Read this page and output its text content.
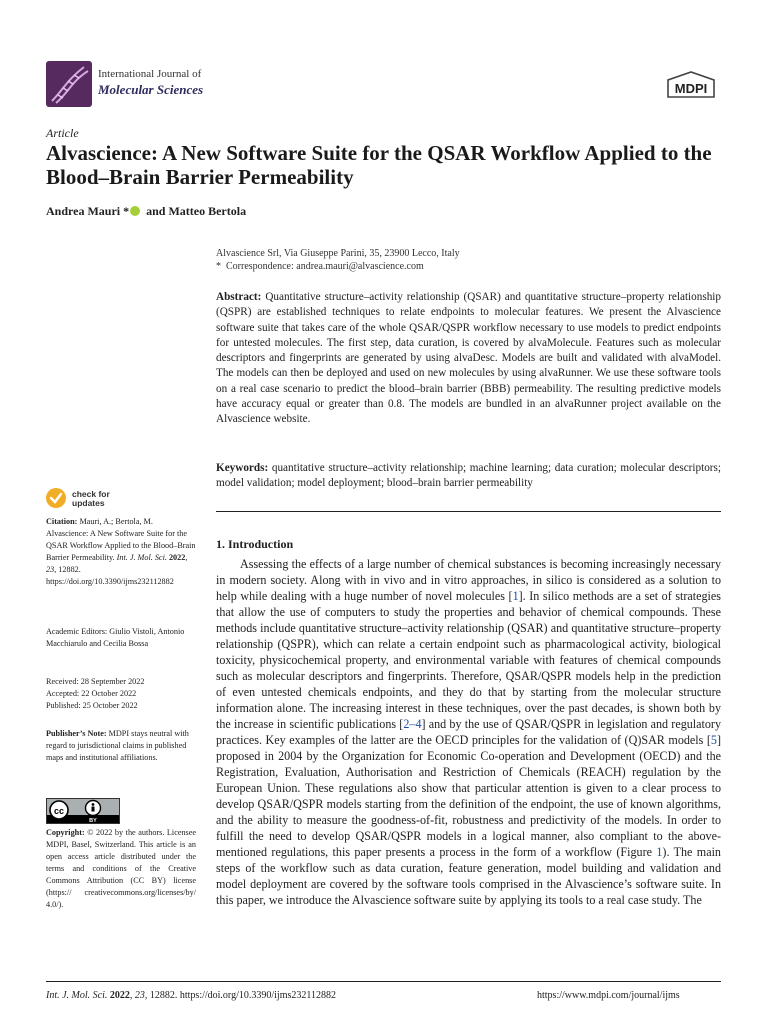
International Journal of
Molecular Sciences	MDPI
Article
Alvascience: A New Software Suite for the QSAR Workflow Applied to the Blood–Brain Barrier Permeability
Andrea Mauri * and Matteo Bertola
Alvascience Srl, Via Giuseppe Parini, 35, 23900 Lecco, Italy
* Correspondence: andrea.mauri@alvascience.com
Abstract: Quantitative structure–activity relationship (QSAR) and quantitative structure–property relationship (QSPR) are established techniques to relate endpoints to molecular features. We present the Alvascience software suite that takes care of the whole QSAR/QSPR workflow necessary to use models to predict endpoints for untested molecules. The first step, data curation, is covered by alvaMolecule. Features such as molecular descriptors and fingerprints are generated by using alvaDesc. Models are built and validated with alvaModel. The models can then be deployed and used on new molecules by using alvaRunner. We use these software tools on a real case scenario to predict the blood–brain barrier (BBB) permeability. The resulting predictive models have accuracy equal or greater than 0.8. The models are bundled in an alvaRunner project available on the Alvascience website.
Keywords: quantitative structure–activity relationship; machine learning; data curation; molecular descriptors; model validation; model deployment; blood–brain barrier permeability
1. Introduction
Assessing the effects of a large number of chemical substances is becoming increasingly necessary in modern society. Along with in vivo and in vitro approaches, in silico is considered as a solution to help while dealing with a huge number of novel molecules [1]. In silico methods are a set of strategies that allow the use of computers to study the properties and behavior of chemical compounds. These methods include quantitative structure–activity relationship (QSAR) and quantitative structure–property relationship (QSPR), which can relate a certain endpoint such as pharmacological activity, biological toxicity, physicochemical property, and environmental variable with features of chemical compounds such as molecular descriptors and fingerprints. Therefore, QSAR/QSPR models help in the prediction of even untested chemicals endpoints, and they do that by starting from the molecular structure information alone. The increasing interest in these techniques, over the past decades, is shown both by the increase in scientific publications [2–4] and by the use of QSAR/QSPR in legislation and regulatory practices. Key examples of the latter are the OECD principles for the validation of (Q)SAR models [5] proposed in 2004 by the Organization for Economic Co-operation and Development (OECD) and the Registration, Evaluation, Authorisation and Restriction of Chemicals (REACH) regulation by the European Union. These regulations also show that particular attention is given to a clear process to develop QSAR/QSPR models starting from the definition of the endpoint, the use of known algorithms, and the ability to measure the goodness-of-fit, robustness and predictivity of the models. In order to fulfill the need to develop QSAR/QSPR models in a logical manner, also compliant to the above-mentioned regulations, this paper presents a process in the form of a workflow (Figure 1). The main steps of the workflow such as data curation, feature generation, model building and validation and model deployment are covered by the software tools comprised in the Alvascience’s software suite. In this paper, we introduce the Alvascience software suite by applying its tools to a real case study. The
check for
updates
Citation: Mauri, A.; Bertola, M. Alvascience: A New Software Suite for the QSAR Workflow Applied to the Blood–Brain Barrier Permeability. Int. J. Mol. Sci. 2022, 23, 12882. https://doi.org/10.3390/ijms232112882
Academic Editors: Giulio Vistoli, Antonio Macchiarulo and Cecilia Bossa
Received: 28 September 2022
Accepted: 22 October 2022
Published: 25 October 2022
Publisher’s Note: MDPI stays neutral with regard to jurisdictional claims in published maps and institutional affiliations.
cc
BY
Copyright: © 2022 by the authors. Licensee MDPI, Basel, Switzerland. This article is an open access article distributed under the terms and conditions of the Creative Commons Attribution (CC BY) license (https:// creativecommons.org/licenses/by/ 4.0/).
Int. J. Mol. Sci. 2022, 23, 12882. https://doi.org/10.3390/ijms232112882	https://www.mdpi.com/journal/ijms
